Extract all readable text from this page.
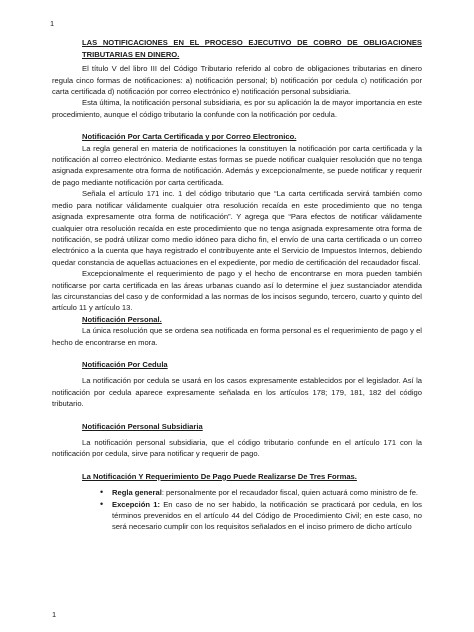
1

LAS NOTIFICACIONES EN EL PROCESO EJECUTIVO DE COBRO DE OBLIGACIONES TRIBUTARIAS EN DINERO.

El título V del libro III del Código Tributario referido al cobro de obligaciones tributarias en dinero regula cinco formas de notificaciones: a) notificación personal; b) notificación por cedula c) notificación por carta certificada d) notificación por correo electrónico e) notificación personal subsidiaria.

Esta última, la notificación personal subsidiaria, es por su aplicación la de mayor importancia en este procedimiento, aunque el código tributario la confunde con la notificación por cedula.

Notificación Por Carta Certificada y por Correo Electronico.

La regla general en materia de notificaciones la constituyen la notificación por carta certificada y la notificación al correo electrónico. Mediante estas formas se puede notificar cualquier resolución que no tenga asignada expresamente otra forma de notificación. Además y excepcionalmente, se puede notificar y requerir de pago mediante notificación por carta certificada.

Señala el artículo 171 inc. 1 del código tributario que “La carta certificada servirá también como medio para notificar válidamente cualquier otra resolución recaída en este procedimiento que no tenga asignada expresamente otra forma de notificación”. Y agrega que “Para efectos de notificar válidamente cualquier otra resolución recaída en este procedimiento que no tenga asignada expresamente otra forma de notificación, se podrá utilizar como medio idóneo para dicho fin, el envío de una carta certificada o un correo electrónico a la cuenta que haya registrado el contribuyente ante el Servicio de Impuestos Internos, debiendo quedar constancia de aquellas actuaciones en el expediente, por medio de certificación del recaudador fiscal.

Excepcionalmente el requerimiento de pago y el hecho de encontrarse en mora pueden también notificarse por carta certificada en las áreas urbanas cuando así lo determine el juez sustanciador atendida las circunstancias del caso y de conformidad a las normas de los incisos segundo, tercero, cuarto y quinto del artículo 11 y artículo 13.

Notificación Personal.

La única resolución que se ordena sea notificada en forma personal es el requerimiento de pago y el hecho de encontrarse en mora.

Notificación Por Cedula

La notificación por cedula se usará en los casos expresamente establecidos por el legislador. Así la notificación por cedula aparece expresamente señalada en los artículos 178; 179, 181, 182 del código tributario.

Notificación Personal Subsidiaria

La notificación personal subsidiaria, que el código tributario confunde en el artículo 171 con la notificación por cedula, sirve para notificar y requerir de pago.

La Notificación Y Requerimiento De Pago Puede Realizarse De Tres Formas.

• Regla general: personalmente por el recaudador fiscal, quien actuará como ministro de fe.
• Excepción 1: En caso de no ser habido, la notificación se practicará por cedula, en los términos prevenidos en el artículo 44 del Código de Procedimiento Civil; en este caso, no será necesario cumplir con los requisitos señalados en el inciso primero de dicho artículo
1
